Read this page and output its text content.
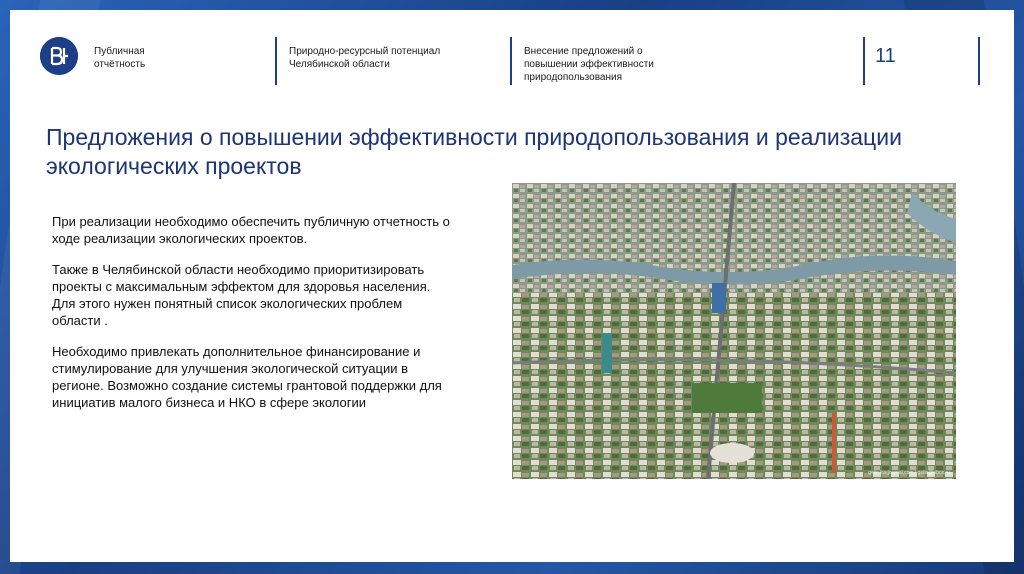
Публичная
отчётность
Природно-ресурсный потенциал
Челябинской области
Внесение предложений о
повышении эффективности
природопользования
11
Предложения о повышении эффективности природопользования и реализации экологических проектов

При реализации необходимо обеспечить публичную отчетность о ходе реализации экологических проектов.

Также в Челябинской области необходимо приоритизировать проекты с максимальным эффектом для здоровья населения. Для этого нужен понятный список экологических проблем области .

Необходимо привлекать дополнительное финансирование и стимулирование для улучшения экологической ситуации в регионе. Возможно создание системы грантовой поддержки для инициатив малого бизнеса и НКО в сфере экологии

gelio.livejournal.com | gelio@nbox.ru
